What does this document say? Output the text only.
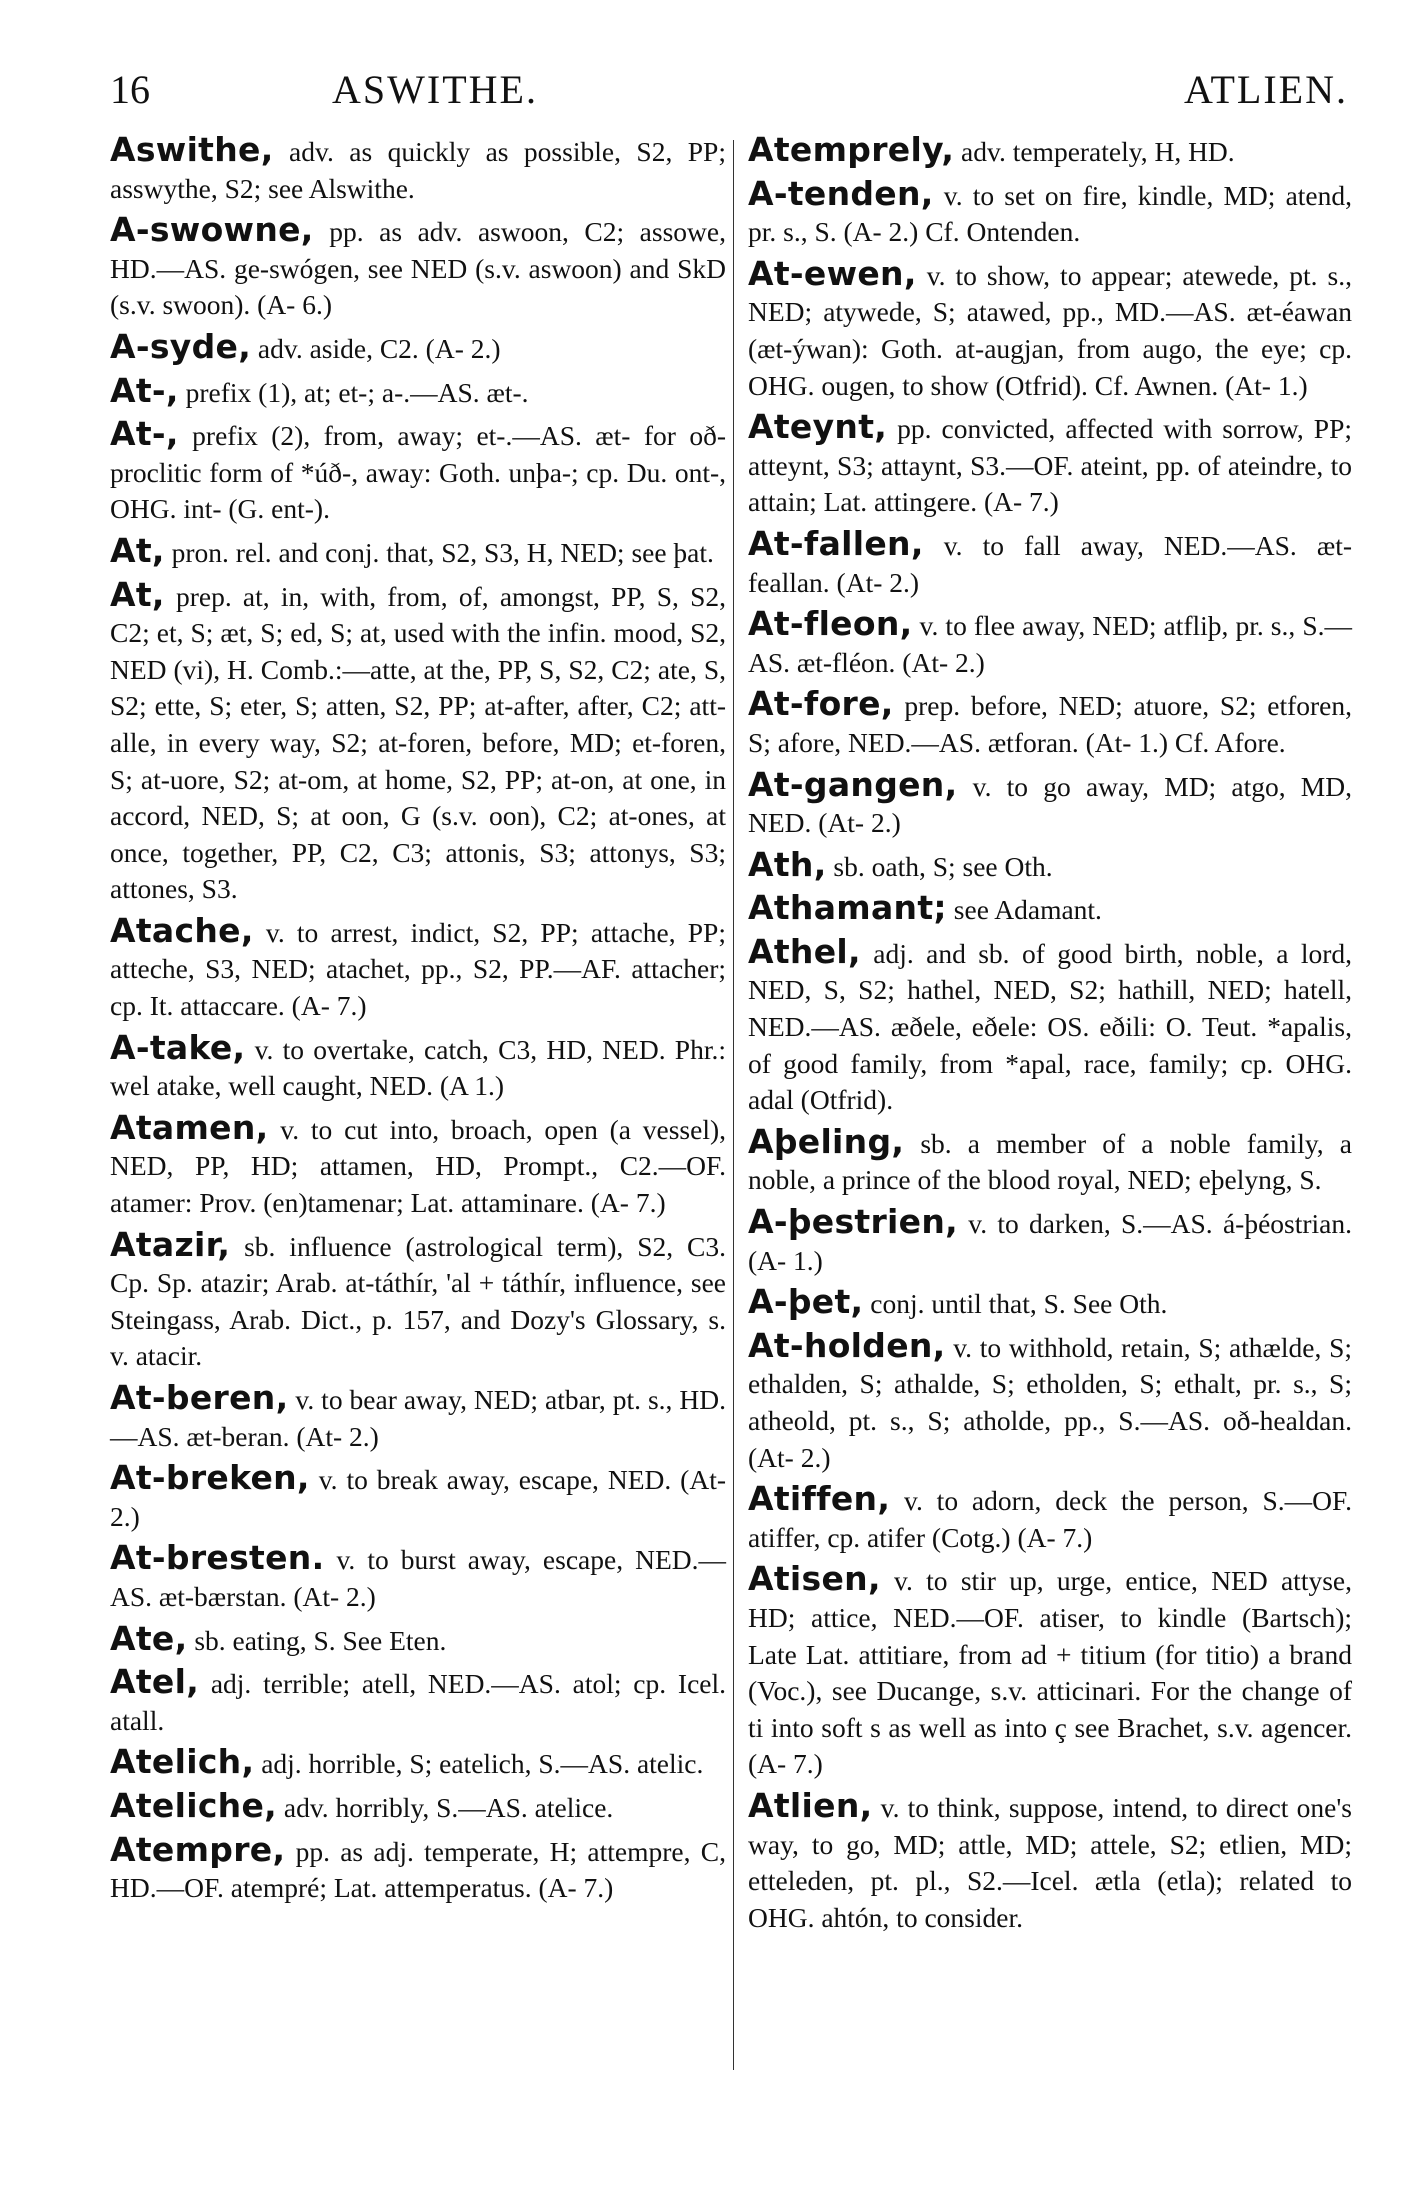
16	ASWITHE.	ATLIEN.

Aswithe, adv. as quickly as possible, S2, PP; asswythe, S2; see Alswithe.

A-swowne, pp. as adv. aswoon, C2; assowe, HD.—AS. ge-swógen, see NED (s.v. aswoon) and SkD (s.v. swoon). (A- 6.)

A-syde, adv. aside, C2. (A- 2.)

At-, prefix (1), at; et-; a-.—AS. æt-.

At-, prefix (2), from, away; et-.—AS. æt- for oð- proclitic form of *úð-, away: Goth. unþa-; cp. Du. ont-, OHG. int- (G. ent-).

At, pron. rel. and conj. that, S2, S3, H, NED; see þat.

At, prep. at, in, with, from, of, amongst, PP, S, S2, C2; et, S; æt, S; ed, S; at, used with the infin. mood, S2, NED (vi), H. Comb.:—atte, at the, PP, S, S2, C2; ate, S, S2; ette, S; eter, S; atten, S2, PP; at-after, after, C2; att-alle, in every way, S2; at-foren, before, MD; et-foren, S; at-uore, S2; at-om, at home, S2, PP; at-on, at one, in accord, NED, S; at oon, G (s.v. oon), C2; at-ones, at once, together, PP, C2, C3; attonis, S3; attonys, S3; attones, S3.

Atache, v. to arrest, indict, S2, PP; attache, PP; atteche, S3, NED; atachet, pp., S2, PP.—AF. attacher; cp. It. attaccare. (A- 7.)

A-take, v. to overtake, catch, C3, HD, NED. Phr.: wel atake, well caught, NED. (A 1.)

Atamen, v. to cut into, broach, open (a vessel), NED, PP, HD; attamen, HD, Prompt., C2.—OF. atamer: Prov. (en)tamenar; Lat. attaminare. (A- 7.)

Atazir, sb. influence (astrological term), S2, C3. Cp. Sp. atazir; Arab. at-táthír, 'al + táthír, influence, see Steingass, Arab. Dict., p. 157, and Dozy's Glossary, s. v. atacir.

At-beren, v. to bear away, NED; atbar, pt. s., HD.—AS. æt-beran. (At- 2.)

At-breken, v. to break away, escape, NED. (At- 2.)

At-bresten. v. to burst away, escape, NED.—AS. æt-bærstan. (At- 2.)

Ate, sb. eating, S. See Eten.

Atel, adj. terrible; atell, NED.—AS. atol; cp. Icel. atall.

Atelich, adj. horrible, S; eatelich, S.—AS. atelic.

Ateliche, adv. horribly, S.—AS. atelice.

Atempre, pp. as adj. temperate, H; attempre, C, HD.—OF. atempré; Lat. attemperatus. (A- 7.)

Atemprely, adv. temperately, H, HD.

A-tenden, v. to set on fire, kindle, MD; atend, pr. s., S. (A- 2.) Cf. Ontenden.

At-ewen, v. to show, to appear; atewede, pt. s., NED; atywede, S; atawed, pp., MD.—AS. æt-éawan (æt-ýwan): Goth. at-augjan, from augo, the eye; cp. OHG. ougen, to show (Otfrid). Cf. Awnen. (At- 1.)

Ateynt, pp. convicted, affected with sorrow, PP; atteynt, S3; attaynt, S3.—OF. ateint, pp. of ateindre, to attain; Lat. attingere. (A- 7.)

At-fallen, v. to fall away, NED.—AS. æt-feallan. (At- 2.)

At-fleon, v. to flee away, NED; atfliþ, pr. s., S.—AS. æt-fléon. (At- 2.)

At-fore, prep. before, NED; atuore, S2; etforen, S; afore, NED.—AS. ætforan. (At- 1.) Cf. Afore.

At-gangen, v. to go away, MD; atgo, MD, NED. (At- 2.)

Ath, sb. oath, S; see Oth.

Athamant; see Adamant.

Athel, adj. and sb. of good birth, noble, a lord, NED, S, S2; hathel, NED, S2; hathill, NED; hatell, NED.—AS. æðele, eðele: OS. eðili: O. Teut. *apalis, of good family, from *apal, race, family; cp. OHG. adal (Otfrid).

Aþeling, sb. a member of a noble family, a noble, a prince of the blood royal, NED; eþelyng, S.

A-þestrien, v. to darken, S.—AS. á-þéostrian. (A- 1.)

A-þet, conj. until that, S. See Oth.

At-holden, v. to withhold, retain, S; athælde, S; ethalden, S; athalde, S; etholden, S; ethalt, pr. s., S; atheold, pt. s., S; atholde, pp., S.—AS. oð-healdan. (At- 2.)

Atiffen, v. to adorn, deck the person, S.—OF. atiffer, cp. atifer (Cotg.) (A- 7.)

Atisen, v. to stir up, urge, entice, NED attyse, HD; attice, NED.—OF. atiser, to kindle (Bartsch); Late Lat. attitiare, from ad + titium (for titio) a brand (Voc.), see Ducange, s.v. atticinari. For the change of ti into soft s as well as into ç see Brachet, s.v. agencer. (A- 7.)

Atlien, v. to think, suppose, intend, to direct one's way, to go, MD; attle, MD; attele, S2; etlien, MD; etteleden, pt. pl., S2.—Icel. ætla (etla); related to OHG. ahtón, to consider.
